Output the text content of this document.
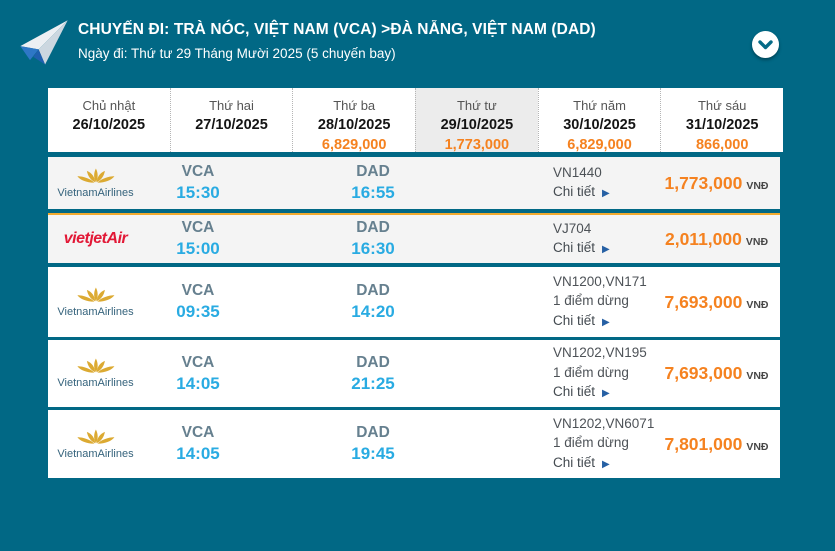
CHUYẾN ĐI: TRÀ NÓC, VIỆT NAM (VCA) >ĐÀ NẴNG, VIỆT NAM (DAD)
Ngày đi: Thứ tư 29 Tháng Mười 2025 (5 chuyến bay)
Chủ nhật
26/10/2025
Thứ hai
27/10/2025
Thứ ba
28/10/2025
6,829,000
Thứ tư
29/10/2025
1,773,000
Thứ năm
30/10/2025
6,829,000
Thứ sáu
31/10/2025
866,000
VietnamAirlines
VCA
15:30
DAD
16:55
VN1440
Chi tiết ▶
1,773,000 VNĐ
vietjetAir
VCA
15:00
DAD
16:30
VJ704
Chi tiết ▶
2,011,000 VNĐ
VietnamAirlines
VCA
09:35
DAD
14:20
VN1200,VN171
1 điểm dừng
Chi tiết ▶
7,693,000 VNĐ
VietnamAirlines
VCA
14:05
DAD
21:25
VN1202,VN195
1 điểm dừng
Chi tiết ▶
7,693,000 VNĐ
VietnamAirlines
VCA
14:05
DAD
19:45
VN1202,VN6071
1 điểm dừng
Chi tiết ▶
7,801,000 VNĐ
